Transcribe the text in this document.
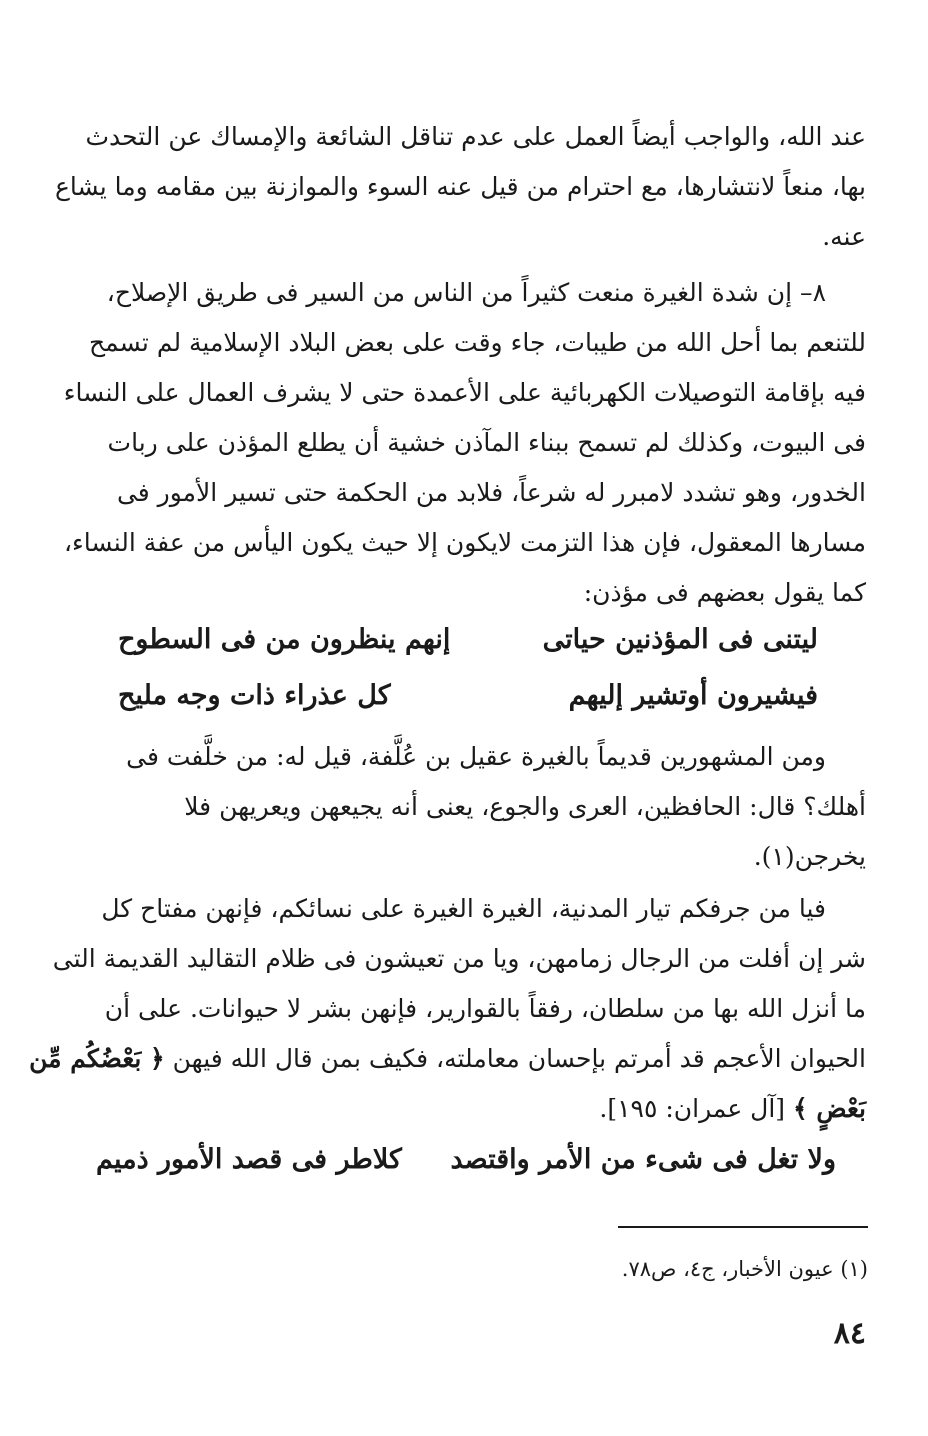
عند الله، والواجب أيضاً العمل على عدم تناقل الشائعة والإمساك عن التحدث
بها، منعاً لانتشارها، مع احترام من قيل عنه السوء والموازنة بين مقامه وما يشاع
عنه.
٨– إن شدة الغيرة منعت كثيراً من الناس من السير فى طريق الإصلاح،
للتنعم بما أحل الله من طيبات، جاء وقت على بعض البلاد الإسلامية لم تسمح
فيه بإقامة التوصيلات الكهربائية على الأعمدة حتى لا يشرف العمال على النساء
فى البيوت، وكذلك لم تسمح ببناء المآذن خشية أن يطلع المؤذن على ربات
الخدور، وهو تشدد لامبرر له شرعاً، فلابد من الحكمة حتى تسير الأمور فى
مسارها المعقول، فإن هذا التزمت لايكون إلا حيث يكون اليأس من عفة النساء،
كما يقول بعضهم فى مؤذن:
ليتنى فى المؤذنين حياتى
إنهم ينظرون من فى السطوح
فيشيرون أوتشير إليهم
كل عذراء ذات وجه مليح
ومن المشهورين قديماً بالغيرة عقيل بن عُلَّفة، قيل له: من خلَّفت فى
أهلك؟ قال: الحافظين، العرى والجوع، يعنى أنه يجيعهن ويعريهن فلا
يخرجن(١).
فيا من جرفكم تيار المدنية، الغيرة الغيرة على نسائكم، فإنهن مفتاح كل
شر إن أفلت من الرجال زمامهن، ويا من تعيشون فى ظلام التقاليد القديمة التى
ما أنزل الله بها من سلطان، رفقاً بالقوارير، فإنهن بشر لا حيوانات. على أن
الحيوان الأعجم قد أمرتم بإحسان معاملته، فكيف بمن قال الله فيهن ﴿ بَعْضُكُم مِّن
بَعْضٍ ﴾ [آل عمران: ١٩٥].
ولا تغل فى شىء من الأمر واقتصد
كلاطر فى قصد الأمور ذميم
(١) عيون الأخبار، ج٤، ص٧٨.
٨٤
